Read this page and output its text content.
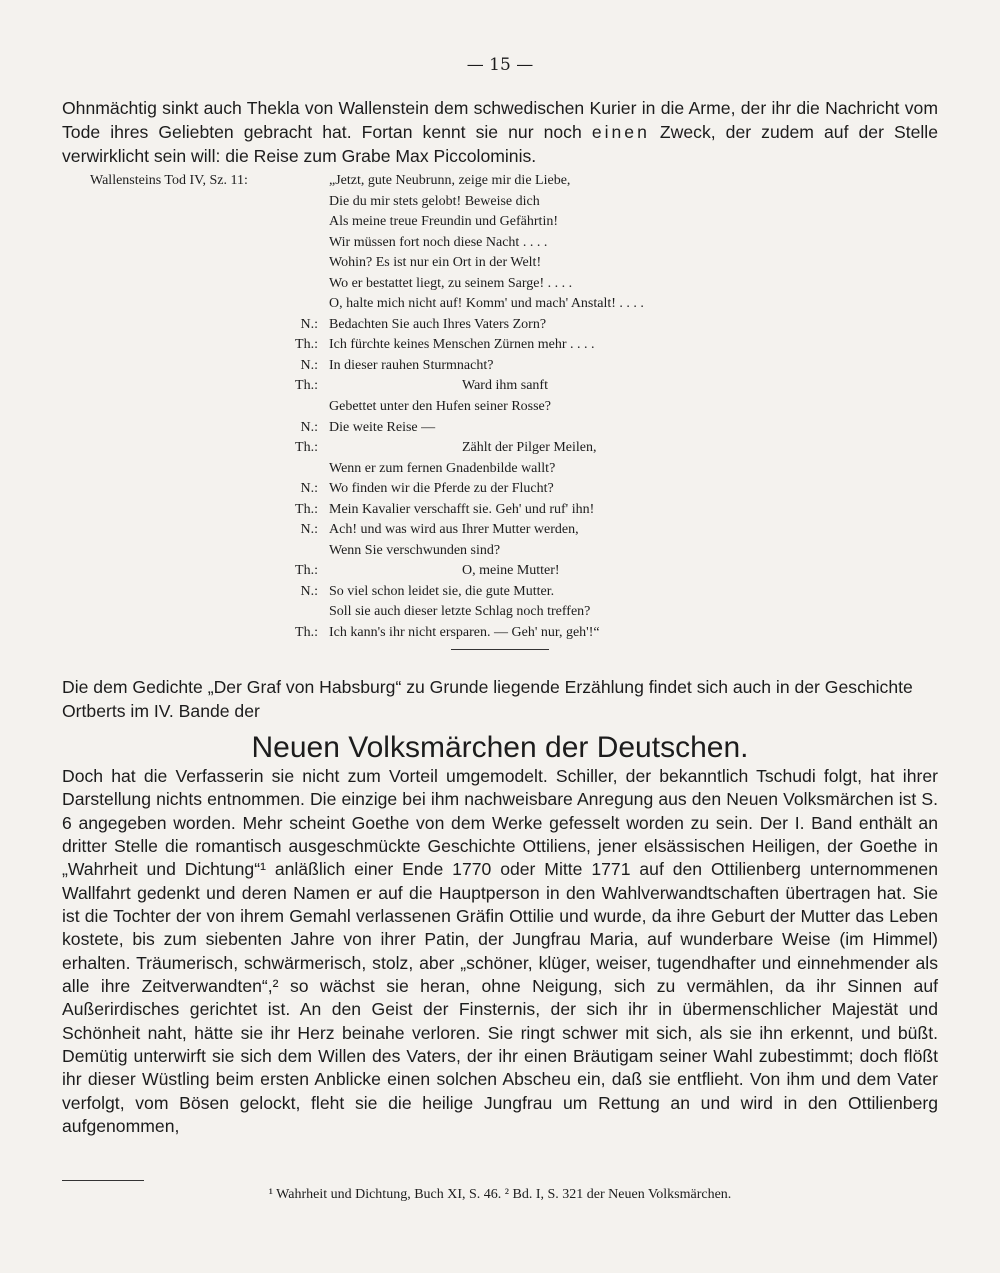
— 15 —
Ohnmächtig sinkt auch Thekla von Wallenstein dem schwedischen Kurier in die Arme, der ihr die Nachricht vom Tode ihres Geliebten gebracht hat. Fortan kennt sie nur noch einen Zweck, der zudem auf der Stelle verwirklicht sein will: die Reise zum Grabe Max Piccolominis.
Wallensteins Tod IV, Sz. 11:	„Jetzt, gute Neubrunn, zeige mir die Liebe,
Die du mir stets gelobt! Beweise dich
Als meine treue Freundin und Gefährtin!
Wir müssen fort noch diese Nacht . . . .
Wohin? Es ist nur ein Ort in der Welt!
Wo er bestattet liegt, zu seinem Sarge! . . . .
O, halte mich nicht auf! Komm' und mach' Anstalt! . . . .
N.: Bedachten Sie auch Ihres Vaters Zorn?
Th.: Ich fürchte keines Menschen Zürnen mehr . . . .
N.: In dieser rauhen Sturmnacht?
Th.:	Ward ihm sanft
Gebettet unter den Hufen seiner Rosse?
N.: Die weite Reise —
Th.:	Zählt der Pilger Meilen,
Wenn er zum fernen Gnadenbilde wallt?
N.: Wo finden wir die Pferde zu der Flucht?
Th.: Mein Kavalier verschafft sie. Geh' und ruf' ihn!
N.: Ach! und was wird aus Ihrer Mutter werden,
Wenn Sie verschwunden sind?
Th.:	O, meine Mutter!
N.: So viel schon leidet sie, die gute Mutter.
Soll sie auch dieser letzte Schlag noch treffen?
Th.: Ich kann's ihr nicht ersparen. — Geh' nur, geh'!“
Die dem Gedichte „Der Graf von Habsburg“ zu Grunde liegende Erzählung findet sich auch in der Geschichte Ortberts im IV. Bande der
Neuen Volksmärchen der Deutschen.
Doch hat die Verfasserin sie nicht zum Vorteil umgemodelt. Schiller, der bekanntlich Tschudi folgt, hat ihrer Darstellung nichts entnommen. Die einzige bei ihm nachweisbare Anregung aus den Neuen Volksmärchen ist S. 6 angegeben worden. Mehr scheint Goethe von dem Werke gefesselt worden zu sein. Der I. Band enthält an dritter Stelle die romantisch ausgeschmückte Geschichte Ottiliens, jener elsässischen Heiligen, der Goethe in „Wahrheit und Dichtung“¹ anläßlich einer Ende 1770 oder Mitte 1771 auf den Ottilienberg unternommenen Wallfahrt gedenkt und deren Namen er auf die Hauptperson in den Wahlverwandtschaften übertragen hat. Sie ist die Tochter der von ihrem Gemahl verlassenen Gräfin Ottilie und wurde, da ihre Geburt der Mutter das Leben kostete, bis zum siebenten Jahre von ihrer Patin, der Jungfrau Maria, auf wunderbare Weise (im Himmel) erhalten. Träumerisch, schwärmerisch, stolz, aber „schöner, klüger, weiser, tugendhafter und einnehmender als alle ihre Zeitverwandten“,² so wächst sie heran, ohne Neigung, sich zu vermählen, da ihr Sinnen auf Außerirdisches gerichtet ist. An den Geist der Finsternis, der sich ihr in übermenschlicher Majestät und Schönheit naht, hätte sie ihr Herz beinahe verloren. Sie ringt schwer mit sich, als sie ihn erkennt, und büßt. Demütig unterwirft sie sich dem Willen des Vaters, der ihr einen Bräutigam seiner Wahl zubestimmt; doch flößt ihr dieser Wüstling beim ersten Anblicke einen solchen Abscheu ein, daß sie entflieht. Von ihm und dem Vater verfolgt, vom Bösen gelockt, fleht sie die heilige Jungfrau um Rettung an und wird in den Ottilienberg aufgenommen,
¹ Wahrheit und Dichtung, Buch XI, S. 46. ² Bd. I, S. 321 der Neuen Volksmärchen.
